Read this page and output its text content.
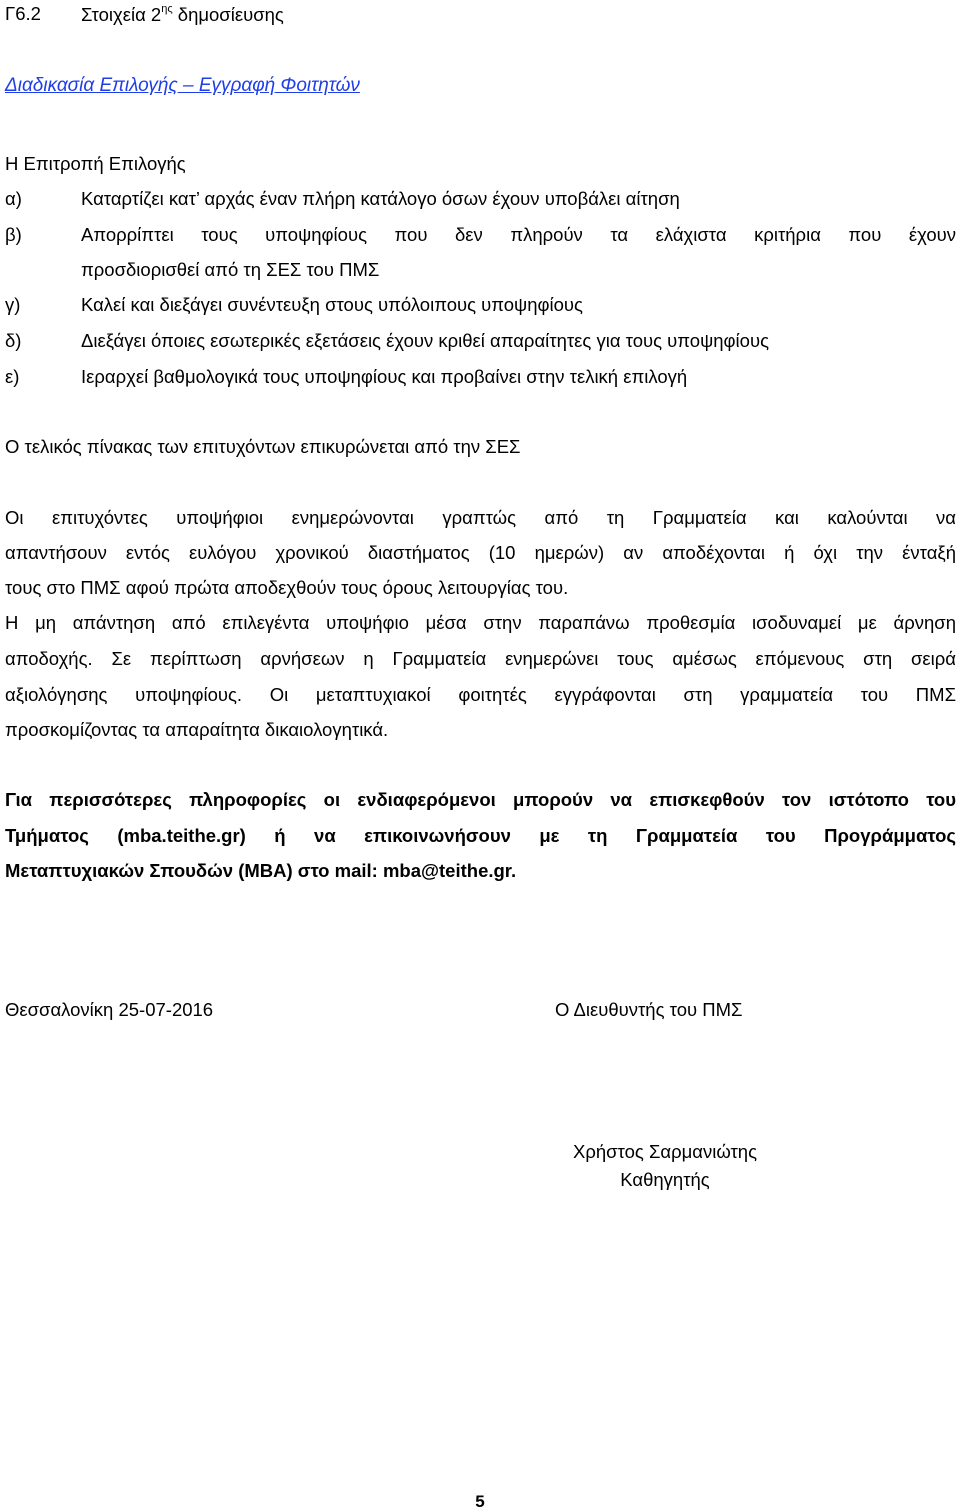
Γ6.2 Στοιχεία $2^{\eta\varsigma}$ δημοσίευσης
Διαδικασία Επιλογής – Εγγραφή Φοιτητών
Η Επιτροπή Επιλογής
α)	Καταρτίζει κατ’ αρχάς έναν πλήρη κατάλογο όσων έχουν υποβάλει αίτηση
β)	Απορρίπτει τους υποψηφίους που δεν πληρούν τα ελάχιστα κριτήρια που έχουν
προσδιορισθεί από τη ΣΕΣ του ΠΜΣ
γ)	Καλεί και διεξάγει συνέντευξη στους υπόλοιπους υποψηφίους
δ)	Διεξάγει όποιες εσωτερικές εξετάσεις έχουν κριθεί απαραίτητες για τους υποψηφίους
ε)	Ιεραρχεί βαθμολογικά τους υποψηφίους και προβαίνει στην τελική επιλογή
Ο τελικός πίνακας των επιτυχόντων επικυρώνεται από την ΣΕΣ
Οι επιτυχόντες υποψήφιοι ενημερώνονται γραπτώς από τη Γραμματεία και καλούνται να
απαντήσουν εντός ευλόγου χρονικού διαστήματος (10 ημερών) αν αποδέχονται ή όχι την ένταξή
τους στο ΠΜΣ αφού πρώτα αποδεχθούν τους όρους λειτουργίας του.
Η μη απάντηση από επιλεγέντα υποψήφιο μέσα στην παραπάνω προθεσμία ισοδυναμεί με άρνηση
αποδοχής. Σε περίπτωση αρνήσεων η Γραμματεία ενημερώνει τους αμέσως επόμενους στη σειρά
αξιολόγησης υποψηφίους. Οι μεταπτυχιακοί φοιτητές εγγράφονται στη γραμματεία του ΠΜΣ
προσκομίζοντας τα απαραίτητα δικαιολογητικά.
Για περισσότερες πληροφορίες οι ενδιαφερόμενοι μπορούν να επισκεφθούν τον ιστότοπο του
Τμήματος (mba.teithe.gr) ή να επικοινωνήσουν με τη Γραμματεία του Προγράμματος
Μεταπτυχιακών Σπουδών (MBA) στο mail: mba@teithe.gr.
Θεσσαλονίκη 25-07-2016	Ο Διευθυντής του ΠΜΣ
Χρήστος Σαρμανιώτης
Καθηγητής
5
